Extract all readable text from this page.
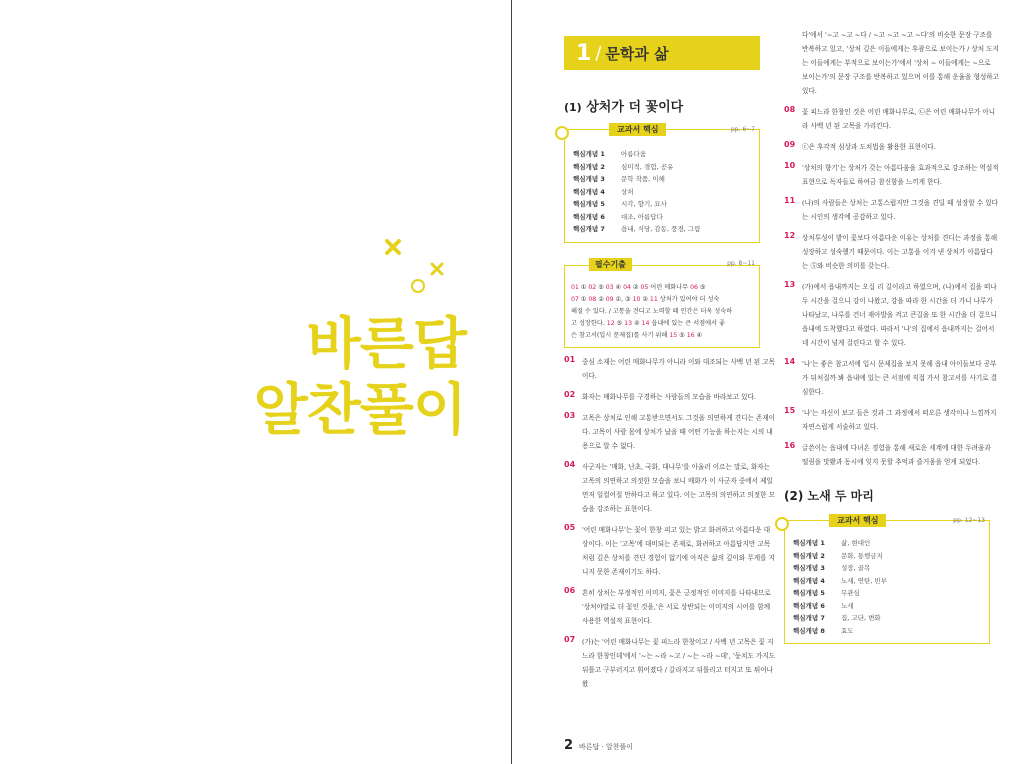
바른답
알찬풀이
1 / 문학과 삶
(1) 상처가 더 꽃이다
교과서 핵심	pp. 6~7
핵심개념 1	아름다움
핵심개념 2	심미적, 경험, 공유
핵심개념 3	문학 작품, 이해
핵심개념 4	상처
핵심개념 5	시각, 향기, 묘사
핵심개념 6	대조, 아름답다
핵심개념 7	읍내, 식당, 감동, 풍경, 그림
필수기출	pp. 8~11
01 ① 02 ⑤ 03 ④ 04 ② 05 어린 매화나무 06 ⑤
07 ① 08 ② 09 ①, ③ 10 ② 11 상처가 있어야 더 성숙
해질 수 있다. / 고통을 견디고 노력할 때 인간은 더욱 성숙하
고 성장한다. 12 ⑤ 13 ④ 14 읍내에 있는 큰 서점에서 좋
은 참고서(입시 문제집)를 사기 위해 15 ⑤ 16 ④
01	중심 소재는 어린 매화나무가 아니라 이와 대조되는 사백 년 된 고목이다.
02	화자는 매화나무를 구경하는 사람들의 모습을 바라보고 있다.
03	고목은 상처로 인해 고통받으면서도 그것을 의연하게 견디는 존재이다. 고목이 사람 몸에 상처가 났을 때 어떤 기능을 하는지는 시의 내용으로 알 수 없다.
04	사군자는 '매화, 난초, 국화, 대나무'를 아울러 이르는 말로, 화자는 고목의 의연하고 의젓한 모습을 보니 매화가 이 사군자 중에서 제일 먼저 일컬어질 만하다고 하고 있다. 이는 고목의 의연하고 의젓한 모습을 강조하는 표현이다.
05	'어린 매화나무'는 꽃이 한창 피고 있는 밝고 화려하고 아름다운 대상이다. 이는 '고목'에 대비되는 존재로, 화려하고 아름답지만 고목처럼 깊은 상처를 견딘 경험이 없기에 아직은 삶의 깊이와 무게를 지니지 못한 존재이기도 하다.
06	흔히 상처는 부정적인 이미지, 꽃은 긍정적인 이미지를 나타내므로 '상처야말로 더 꽃인 것을,'은 서로 상반되는 이미지의 시어를 함께 사용한 역설적 표현이다.
07	(가)는 '어린 매화나무는 꽃 피느라 한창이고 / 사백 년 고목은 꽃 지느라 한창인데'에서 '~는 ~라 ~고 / ~는 ~라 ~데', '둥치도 가지도 뒤틀고 구부러지고 휘어졌다 / 갈라지고 뒤틀리고 터지고 또 튀어나왔
다'에서 '~고 ~고 ~다 / ~고 ~고 ~고 ~다'의 비슷한 문장 구조를 반복하고 있고, '상처 깊은 이들에게는 후광으로 보이는가 / 상처 도지는 이들에게는 부적으로 보이는가'에서 '상처 ~ 이들에게는 ~으로 보이는가'의 문장 구조를 반복하고 있으며 이를 통해 운율을 형성하고 있다.
08	꽃 피느라 한창인 것은 어린 매화나무로, ㉡은 어린 매화나무가 아니라 사백 년 된 고목을 가리킨다.
09	ⓒ은 후각적 심상과 도치법을 활용한 표현이다.
10	'상처의 향기'는 상처가 갖는 아름다움을 효과적으로 강조하는 역설적 표현으로 독자들로 하여금 참신함을 느끼게 한다.
11	(나)의 사람들은 상처는 고통스럽지만 그것을 견딜 때 성장할 수 있다는 시인의 생각에 공감하고 있다.
12	상처투성이 밭이 꽃보다 아름다운 이유는 상처를 견디는 과정을 통해 성장하고 성숙했기 때문이다. 이는 고통을 이겨 낸 상처가 아름답다는 ⑤와 비슷한 의미를 갖는다.
13	(가)에서 읍내까지는 오십 리 길이라고 하였으며, (나)에서 집을 떠나 두 시간을 걸으니 강이 나왔고, 강을 따라 한 시간을 더 가니 나루가 나타났고, 나루를 건너 재아발을 켜고 큰길을 또 한 시간을 더 걸으니 읍내에 도착했다고 하였다. 따라서 '나'의 집에서 읍내까지는 걸어서 네 시간이 넘게 걸린다고 할 수 있다.
14	'나'는 좋은 참고서에 입시 문제집을 보지 못해 읍내 아이들보다 공부가 뒤처질까 봐 읍내에 있는 큰 서점에 직접 가서 참고서를 사기로 결심한다.
15	'나'는 자신이 보고 들은 것과 그 과정에서 떠오른 생각이나 느낌까지 자연스럽게 서술하고 있다.
16	글쓴이는 읍내에 다녀온 경험을 통해 새로운 세계에 대한 두려움과 떨림을 맛봤과 동시에 잊지 못할 추억과 즐거움을 얻게 되었다.
(2) 노새 두 마리
교과서 핵심	pp. 12~13
핵심개념 1	삶, 현대인
핵심개념 2	문화, 통행금지
핵심개념 3	성장, 골목
핵심개념 4	노새, 연탄, 빈부
핵심개념 5	무관심
핵심개념 6	노새
핵심개념 7	집, 고단, 변화
핵심개념 8	효도
2 바른답 · 알찬풀이
